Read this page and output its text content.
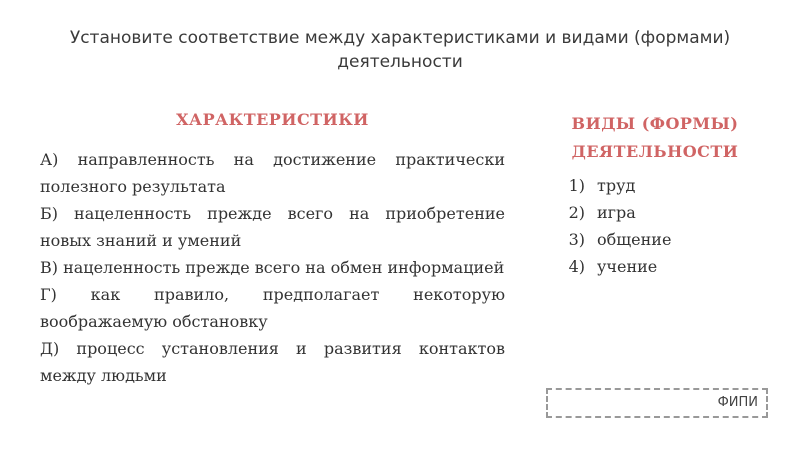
Установите соответствие между характеристиками и видами (формами) деятельности
ХАРАКТЕРИСТИКИ

А) направленность на достижение практически полезного результата

Б) нацеленность прежде всего на приобретение новых знаний и умений

В) нацеленность прежде всего на обмен информацией

Г) как правило, предполагает некоторую воображаемую обстановку

Д) процесс установления и развития контактов между людьми

ВИДЫ (ФОРМЫ) ДЕЯТЕЛЬНОСТИ
1) труд
2) игра
3) общение
4) учение
ФИПИ
